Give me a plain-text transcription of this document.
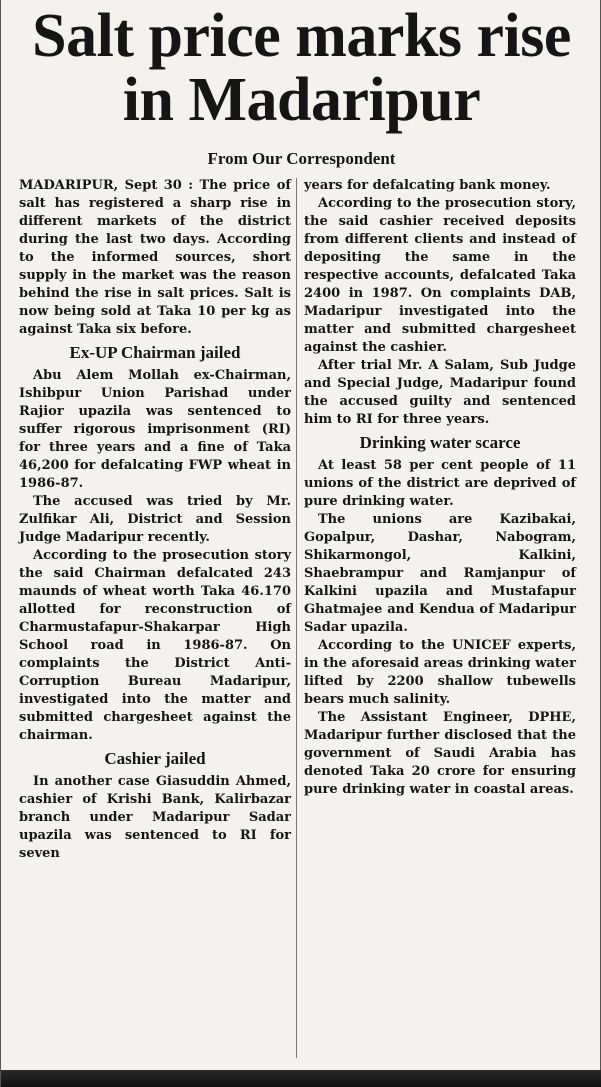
Salt price marks rise in Madaripur
From Our Correspondent

MADARIPUR, Sept 30 : The price of salt has registered a sharp rise in different markets of the district during the last two days. According to the informed sources, short supply in the market was the reason behind the rise in salt prices. Salt is now being sold at Taka 10 per kg as against Taka six before.

Ex-UP Chairman jailed

Abu Alem Mollah ex-Chairman, Ishibpur Union Parishad under Rajior upazila was sentenced to suffer rigorous imprisonment (RI) for three years and a fine of Taka 46,200 for defalcating FWP wheat in 1986-87.

The accused was tried by Mr. Zulfikar Ali, District and Session Judge Madaripur recently.

According to the prosecution story the said Chairman defalcated 243 maunds of wheat worth Taka 46.170 allotted for reconstruction of Charmustafapur-Shakarpar High School road in 1986-87. On complaints the District Anti-Corruption Bureau Madaripur, investigated into the matter and submitted chargesheet against the chairman.

Cashier jailed

In another case Giasuddin Ahmed, cashier of Krishi Bank, Kalirbazar branch under Madaripur Sadar upazila was sentenced to RI for seven

years for defalcating bank money.

According to the prosecution story, the said cashier received deposits from different clients and instead of depositing the same in the respective accounts, defalcated Taka 2400 in 1987. On complaints DAB, Madaripur investigated into the matter and submitted chargesheet against the cashier.

After trial Mr. A Salam, Sub Judge and Special Judge, Madaripur found the accused guilty and sentenced him to RI for three years.

Drinking water scarce

At least 58 per cent people of 11 unions of the district are deprived of pure drinking water.

The unions are Kazibakai, Gopalpur, Dashar, Nabogram, Shikarmongol, Kalkini, Shaebrampur and Ramjanpur of Kalkini upazila and Mustafapur Ghatmajee and Kendua of Madaripur Sadar upazila.

According to the UNICEF experts, in the aforesaid areas drinking water lifted by 2200 shallow tubewells bears much salinity.

The Assistant Engineer, DPHE, Madaripur further disclosed that the government of Saudi Arabia has denoted Taka 20 crore for ensuring pure drinking water in coastal areas.
